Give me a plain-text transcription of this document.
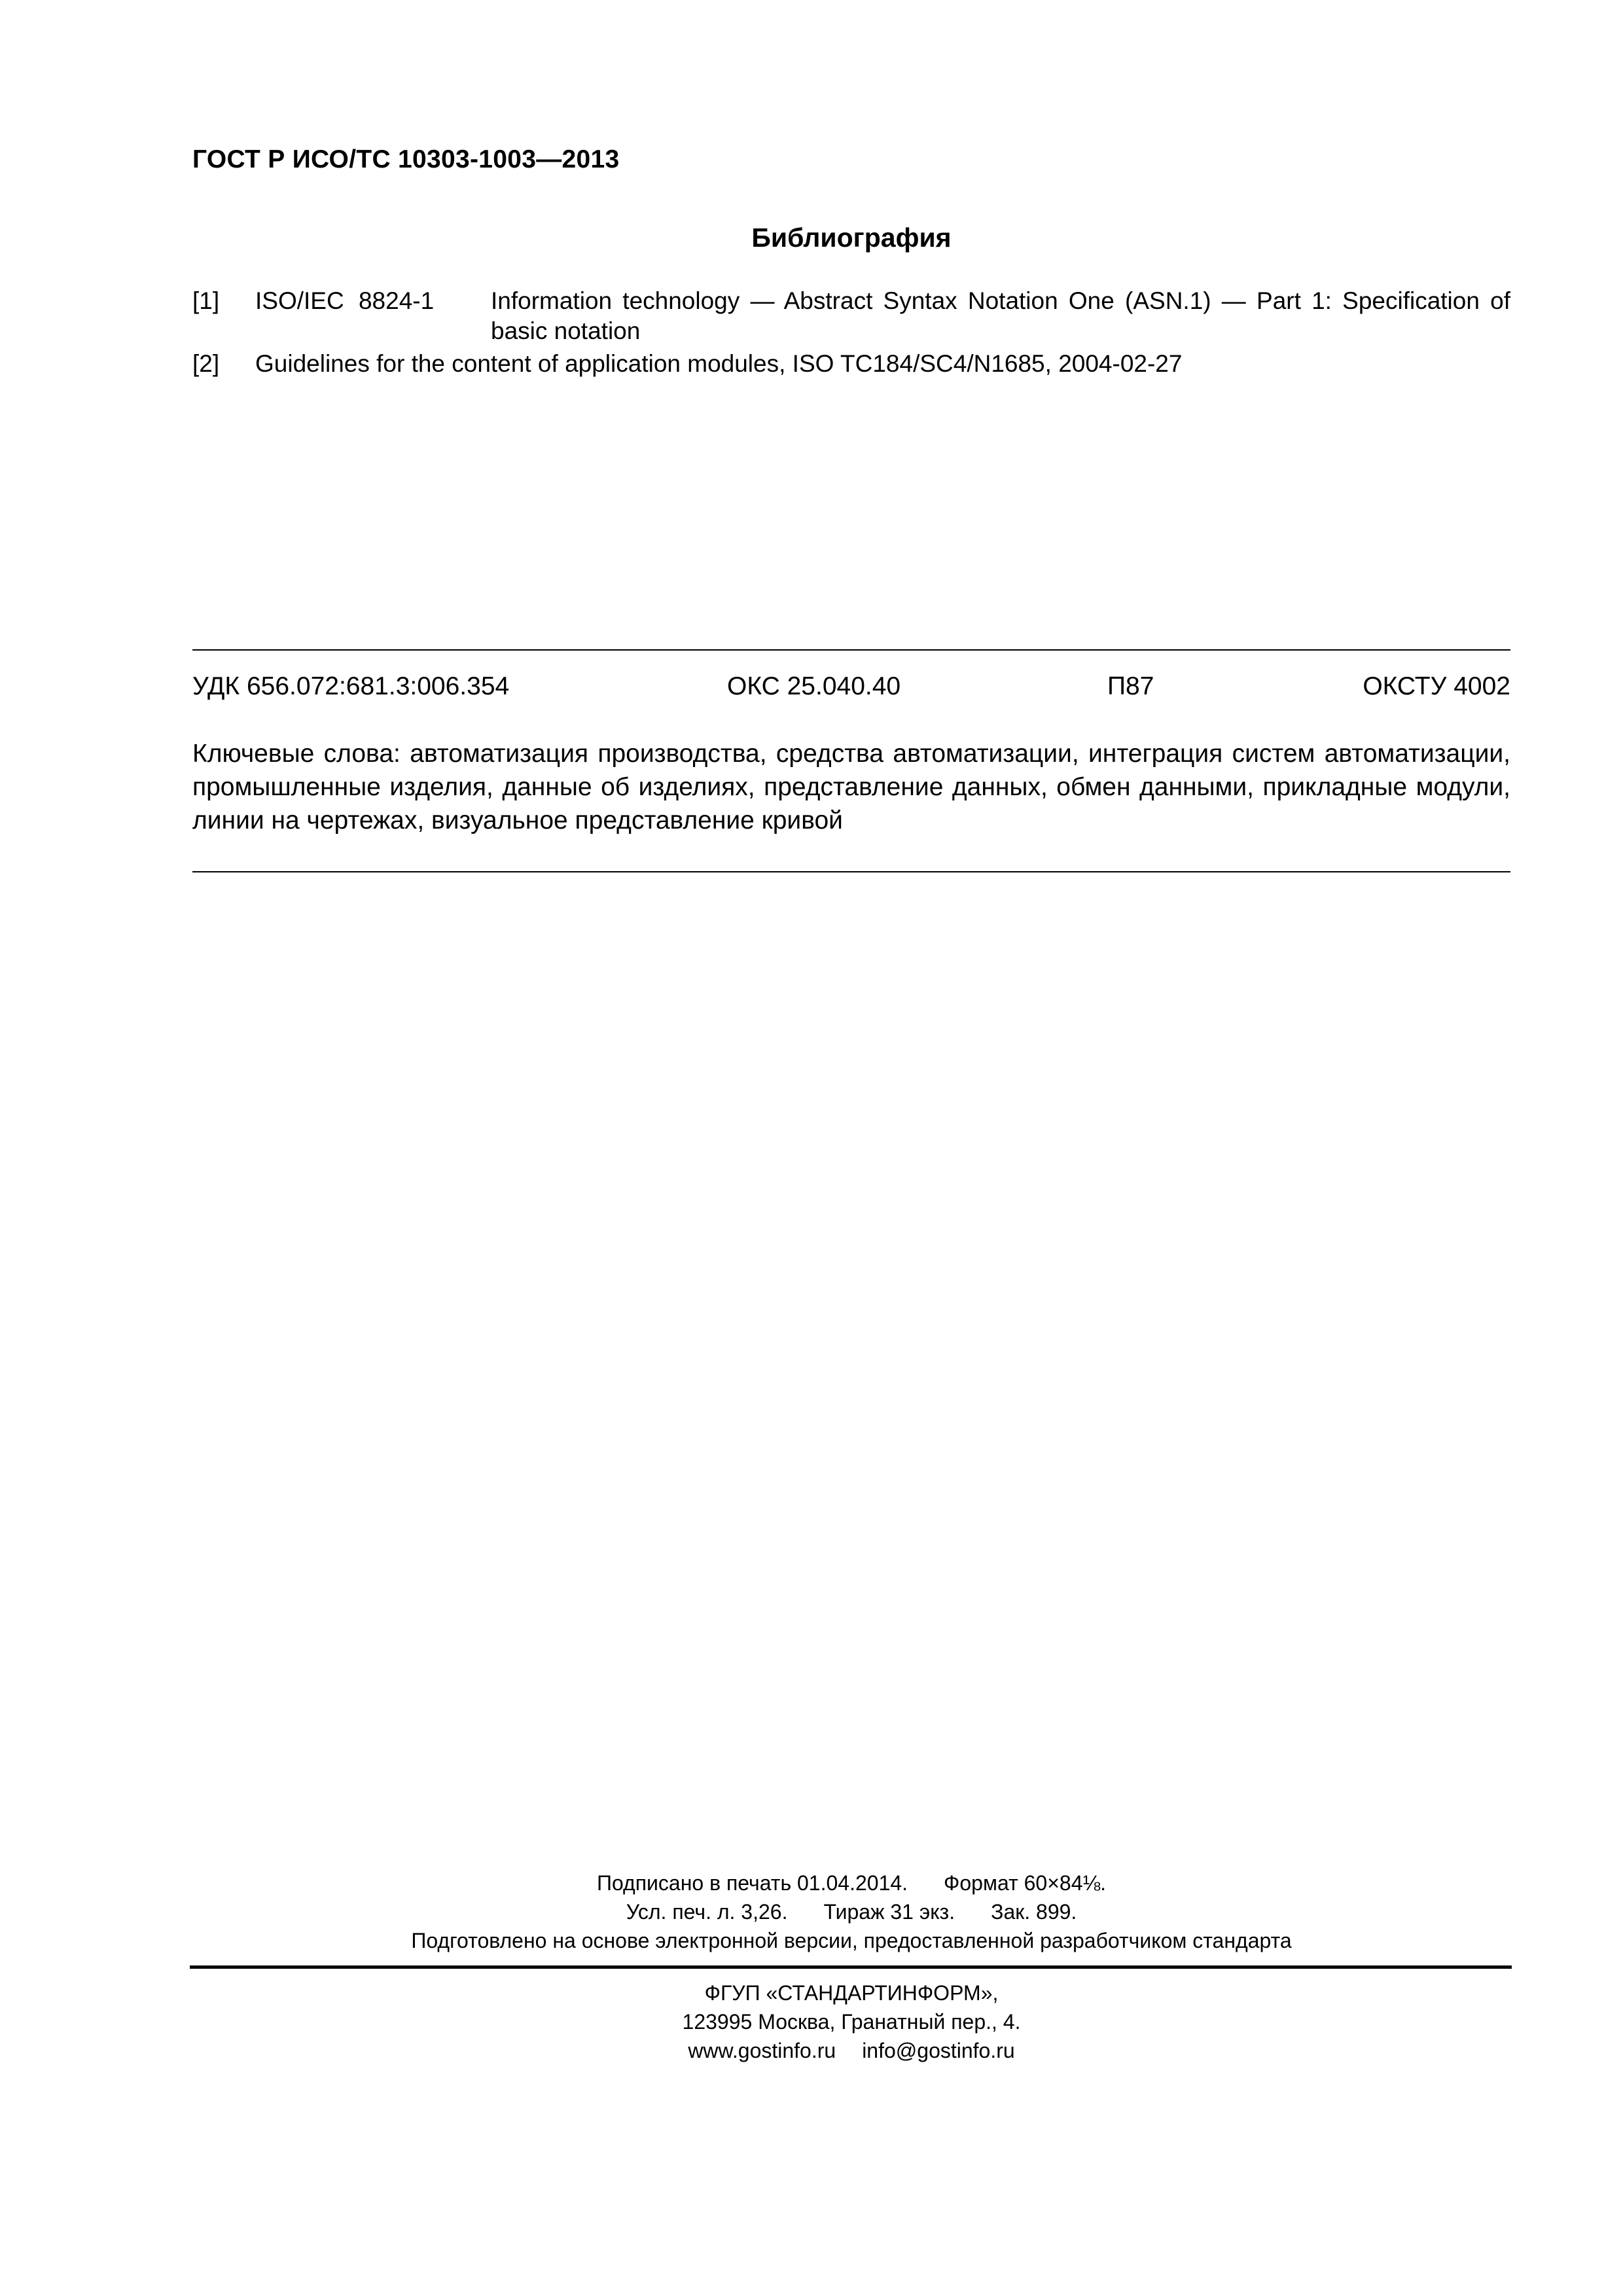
ГОСТ Р ИСО/ТС 10303-1003—2013
Библиография
[1] ISO/IEC 8824-1 Information technology — Abstract Syntax Notation One (ASN.1) — Part 1: Specification of basic notation
[2] Guidelines for the content of application modules, ISO TC184/SC4/N1685, 2004-02-27
УДК 656.072:681.3:006.354	ОКС 25.040.40	П87	ОКСТУ 4002
Ключевые слова: автоматизация производства, средства автоматизации, интеграция систем автоматизации, промышленные изделия, данные об изделиях, представление данных, обмен данными, прикладные модули, линии на чертежах, визуальное представление кривой
Подписано в печать 01.04.2014. Формат 60×84⅛.
Усл. печ. л. 3,26. Тираж 31 экз. Зак. 899.
Подготовлено на основе электронной версии, предоставленной разработчиком стандарта
ФГУП «СТАНДАРТИНФОРМ»,
123995 Москва, Гранатный пер., 4.
www.gostinfo.ru info@gostinfo.ru
